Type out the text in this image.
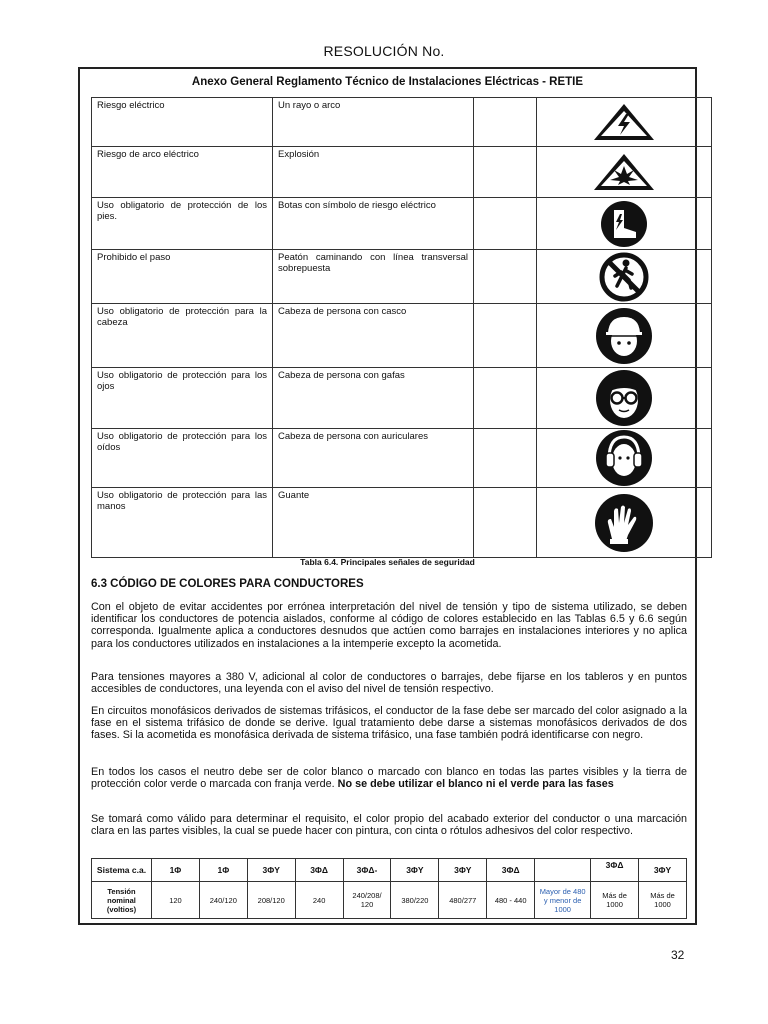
RESOLUCIÓN No.
Anexo General Reglamento Técnico de Instalaciones Eléctricas - RETIE
Riesgo eléctrico	Un rayo o arco		

Riesgo de arco eléctrico	Explosión		

Uso obligatorio de protección de los pies.	Botas con símbolo de riesgo eléctrico		

Prohibido el paso	Peatón caminando con línea transversal sobrepuesta		

Uso obligatorio de protección para la cabeza	Cabeza de persona con casco		

Uso obligatorio de protección para los ojos	Cabeza de persona con gafas		

Uso obligatorio de protección para los oídos	Cabeza de persona con auriculares		

Uso obligatorio de protección para las manos	Guante		
Tabla 6.4. Principales señales de seguridad
6.3 CÓDIGO DE COLORES PARA CONDUCTORES
Con el objeto de evitar accidentes por errónea interpretación del nivel de tensión y tipo de sistema utilizado, se deben identificar los conductores de potencia aislados, conforme al código de colores establecido en las Tablas 6.5 y 6.6 según corresponda. Igualmente aplica a conductores desnudos que actúen como barrajes en instalaciones interiores y no aplica para los conductores utilizados en instalaciones a la intemperie excepto la acometida.
Para tensiones mayores a 380 V, adicional al color de conductores o barrajes, debe fijarse en los tableros y en puntos accesibles de conductores, una leyenda con el aviso del nivel de tensión respectivo.
En circuitos monofásicos derivados de sistemas trifásicos, el conductor de la fase debe ser marcado del color asignado a la fase en el sistema trifásico de donde se derive. Igual tratamiento debe darse a sistemas monofásicos derivados de dos fases. Si la acometida es monofásica derivada de sistema trifásico, una fase también podrá identificarse con negro.
En todos los casos el neutro debe ser de color blanco o marcado con blanco en todas las partes visibles y la tierra de protección color verde o marcada con franja verde. No se debe utilizar el blanco ni el verde para las fases
Se tomará como válido para determinar el requisito, el color propio del acabado exterior del conductor o una marcación clara en las partes visibles, la cual se puede hacer con pintura, con cinta o rótulos adhesivos del color respectivo.
Sistema c.a.	1Φ	1Φ	3ΦY	3ΦΔ	3ΦΔ-	3ΦY	3ΦY	3ΦΔ		3ΦΔ	3ΦY
Tensión nominal (voltios)	120	240/120	208/120	240	240/208/ 120	380/220	480/277	480 - 440	Mayor de 480 y menor de 1000	Más de 1000	Más de 1000
32
